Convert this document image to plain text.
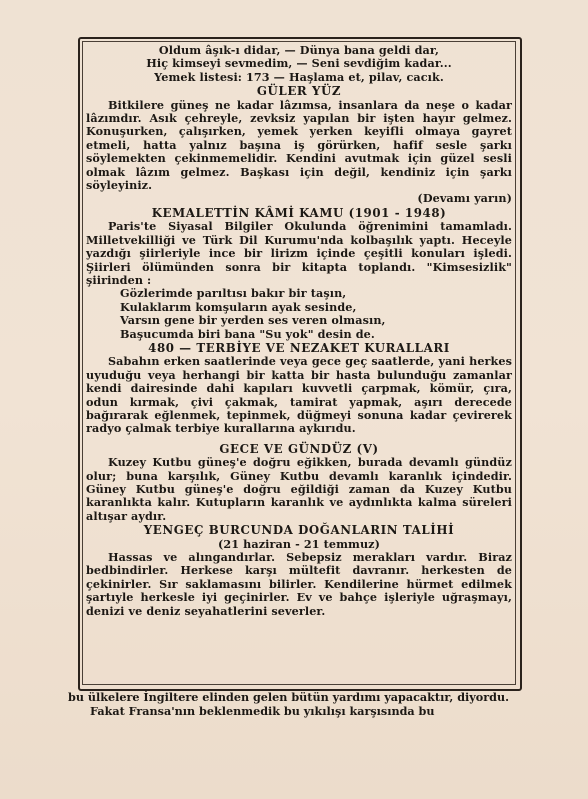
Oldum âşık-ı didar, — Dünya bana geldi dar,

Hiç kimseyi sevmedim, — Seni sevdiğim kadar...

Yemek listesi: 173 — Haşlama et, pilav, cacık.

GÜLER YÜZ

Bitkilere güneş ne kadar lâzımsa, insanlara da neşe o kadar lâzımdır. Asık çehreyle, zevksiz yapılan bir işten hayır gelmez. Konuşurken, çalışırken, yemek yerken keyifli olmaya gayret etmeli, hatta yalnız başına iş görürken, hafif sesle şarkı söylemekten çekinmemelidir. Kendini avutmak için güzel sesli olmak lâzım gelmez. Başkası için değil, kendiniz için şarkı söyleyiniz.

(Devamı yarın)

KEMALETTİN KÂMİ KAMU (1901 - 1948)

Paris'te Siyasal Bilgiler Okulunda öğrenimini tamamladı. Milletvekilliği ve Türk Dil Kurumu'nda kolbaşılık yaptı. Heceyle yazdığı şiirleriyle ince bir lirizm içinde çeşitli konuları işledi. Şiirleri ölümünden sonra bir kitapta toplandı. "Kimsesizlik" şiirinden :

Gözlerimde parıltısı bakır bir taşın,

Kulaklarım komşuların ayak sesinde,

Varsın gene bir yerden ses veren olmasın,

Başucumda biri bana "Su yok" desin de.

480 — TERBİYE VE NEZAKET KURALLARI

Sabahın erken saatlerinde veya gece geç saatlerde, yani herkes uyuduğu veya herhangi bir katta bir hasta bulunduğu zamanlar kendi dairesinde dahi kapıları kuvvetli çarpmak, kömür, çıra, odun kırmak, çivi çakmak, tamirat yapmak, aşırı derecede bağırarak eğlenmek, tepinmek, düğmeyi sonuna kadar çevirerek radyo çalmak terbiye kurallarına aykırıdu.

GECE VE GÜNDÜZ (V)

Kuzey Kutbu güneş'e doğru eğikken, burada devamlı gündüz olur; buna karşılık, Güney Kutbu devamlı karanlık içindedir. Güney Kutbu güneş'e doğru eğildiği zaman da Kuzey Kutbu karanlıkta kalır. Kutupların karanlık ve aydınlıkta kalma süreleri altışar aydır.

YENGEÇ BURCUNDA DOĞANLARIN TALİHİ

(21 haziran - 21 temmuz)

Hassas ve alıngandırlar. Sebepsiz merakları vardır. Biraz bedbindirler. Herkese karşı mültefit davranır. herkesten de çekinirler. Sır saklamasını bilirler. Kendilerine hürmet edilmek şartıyle herkesle iyi geçinirler. Ev ve bahçe işleriyle uğraşmayı, denizi ve deniz seyahatlerini severler.

bu ülkelere İngiltere elinden gelen bütün yardımı yapacaktır, diyordu.

Fakat Fransa'nın beklenmedik bu yıkılışı karşısında bu
